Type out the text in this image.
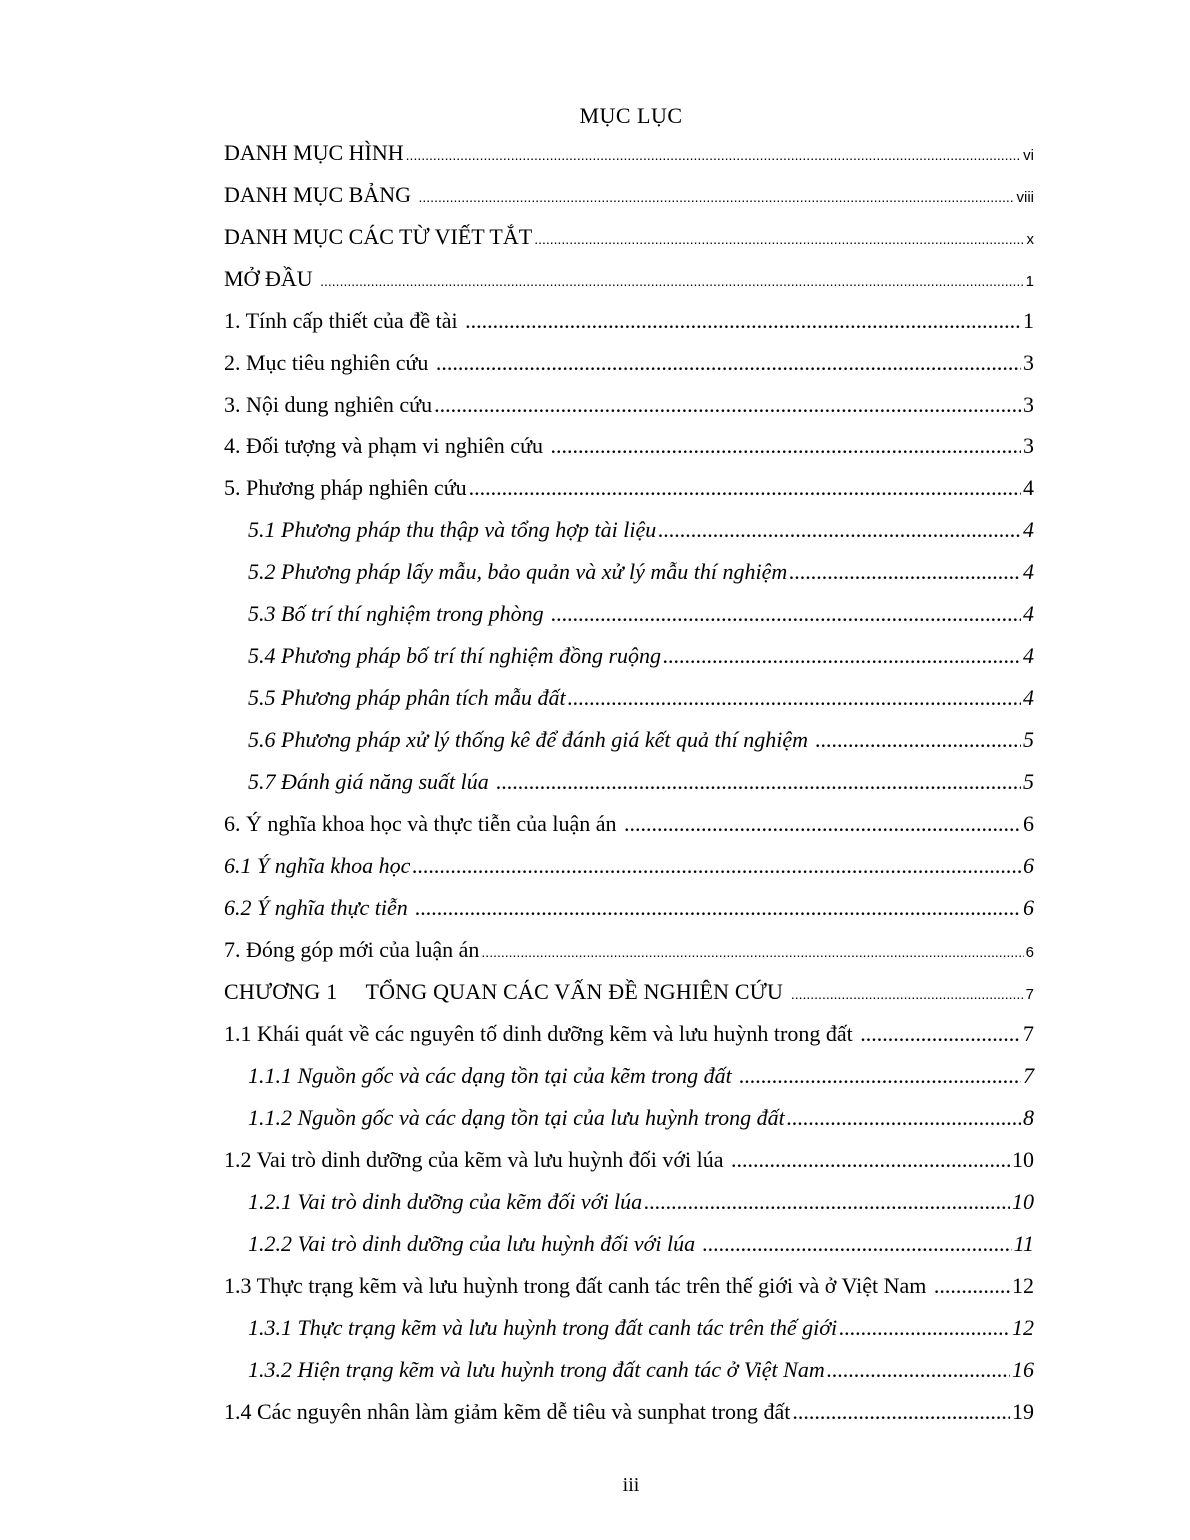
MỤC LỤC
DANH MỤC HÌNH .....	vi
DANH MỤC BẢNG .....	viii
DANH MỤC CÁC TỪ VIẾT TẮT .....	x
MỞ ĐẦU .....	1
1. Tính cấp thiết của đề tài .....	1
2. Mục tiêu nghiên cứu .....	3
3. Nội dung nghiên cứu .....	3
4. Đối tượng và phạm vi nghiên cứu .....	3
5. Phương pháp nghiên cứu .....	4
5.1 Phương pháp thu thập và tổng hợp tài liệu .....	4
5.2 Phương pháp lấy mẫu, bảo quản và xử lý mẫu thí nghiệm .....	4
5.3 Bố trí thí nghiệm trong phòng .....	4
5.4 Phương pháp bố trí thí nghiệm đồng ruộng .....	4
5.5 Phương pháp phân tích mẫu đất .....	4
5.6 Phương pháp xử lý thống kê để đánh giá kết quả thí nghiệm .....	5
5.7 Đánh giá năng suất lúa .....	5
6. Ý nghĩa khoa học và thực tiễn của luận án .....	6
6.1 Ý nghĩa khoa học .....	6
6.2 Ý nghĩa thực tiễn .....	6
7. Đóng góp mới của luận án .....	6
CHƯƠNG 1     TỔNG QUAN CÁC VẤN ĐỀ NGHIÊN CỨU .....	7
1.1 Khái quát về các nguyên tố dinh dưỡng kẽm và lưu huỳnh trong đất .....	7
1.1.1 Nguồn gốc và các dạng tồn tại của kẽm trong đất .....	7
1.1.2 Nguồn gốc và các dạng tồn tại của lưu huỳnh trong đất .....	8
1.2 Vai trò dinh dưỡng của kẽm và lưu huỳnh đối với lúa .....	10
1.2.1 Vai trò dinh dưỡng của kẽm đối với lúa .....	10
1.2.2 Vai trò dinh dưỡng của lưu huỳnh đối với lúa .....	11
1.3 Thực trạng kẽm và lưu huỳnh trong đất canh tác trên thế giới và ở Việt Nam .....	12
1.3.1 Thực trạng kẽm và lưu huỳnh trong đất canh tác trên thế giới .....	12
1.3.2 Hiện trạng kẽm và lưu huỳnh trong đất canh tác ở Việt Nam .....	16
1.4 Các nguyên nhân làm giảm kẽm dễ tiêu và sunphat trong đất .....	19
iii
